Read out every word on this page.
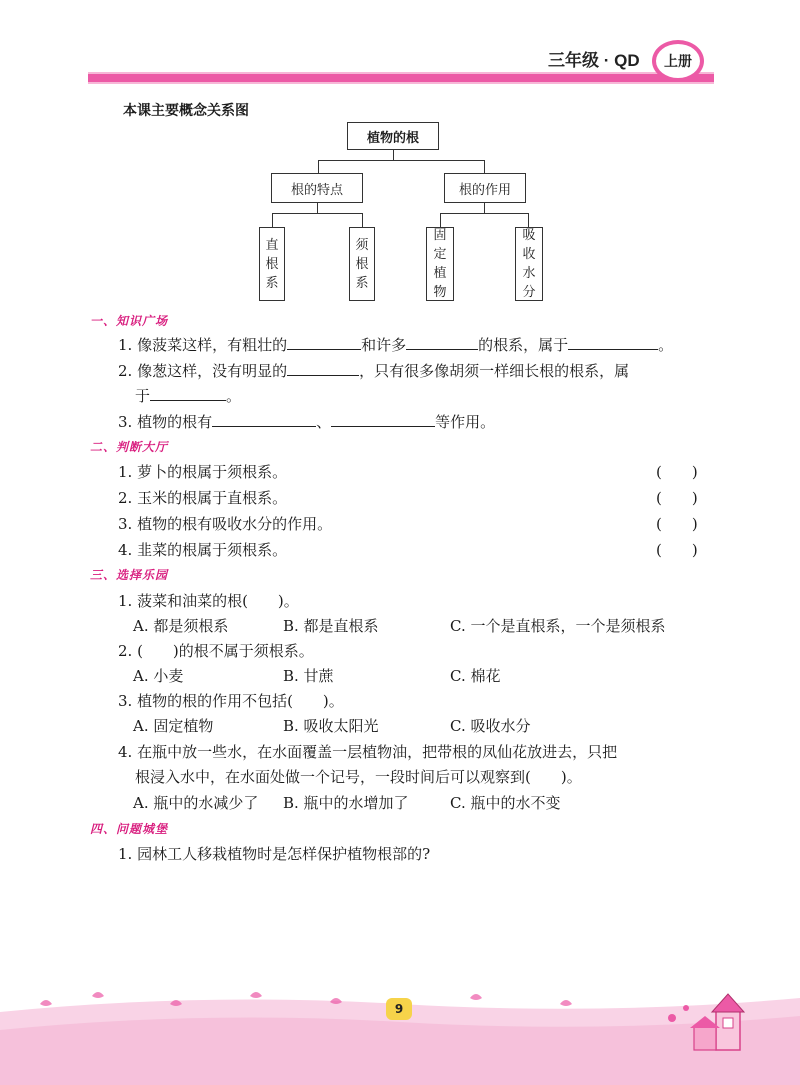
三年级 · QD	上册
本课主要概念关系图
植物的根
根的特点	根的作用
直
根
系
须
根
系
固
定
植
物
吸
收
水
分
一、知识广场
1. 像菠菜这样，有粗壮的	和许多	的根系，属于	。
2. 像葱这样，没有明显的	，只有很多像胡须一样细长根的根系，属
于	。
3. 植物的根有	、	等作用。
二、判断大厅
1. 萝卜的根属于须根系。	(　　)
2. 玉米的根属于直根系。	(　　)
3. 植物的根有吸收水分的作用。	(　　)
4. 韭菜的根属于须根系。	(　　)
三、选择乐园
1. 菠菜和油菜的根(　　)。
A. 都是须根系	B. 都是直根系	C. 一个是直根系，一个是须根系
2. (　　)的根不属于须根系。
A. 小麦	B. 甘蔗	C. 棉花
3. 植物的根的作用不包括(　　)。
A. 固定植物	B. 吸收太阳光	C. 吸收水分
4. 在瓶中放一些水，在水面覆盖一层植物油，把带根的凤仙花放进去，只把
根浸入水中，在水面处做一个记号，一段时间后可以观察到(　　)。
A. 瓶中的水减少了 B. 瓶中的水增加了	C. 瓶中的水不变
四、问题城堡
1. 园林工人移栽植物时是怎样保护植物根部的?
9
